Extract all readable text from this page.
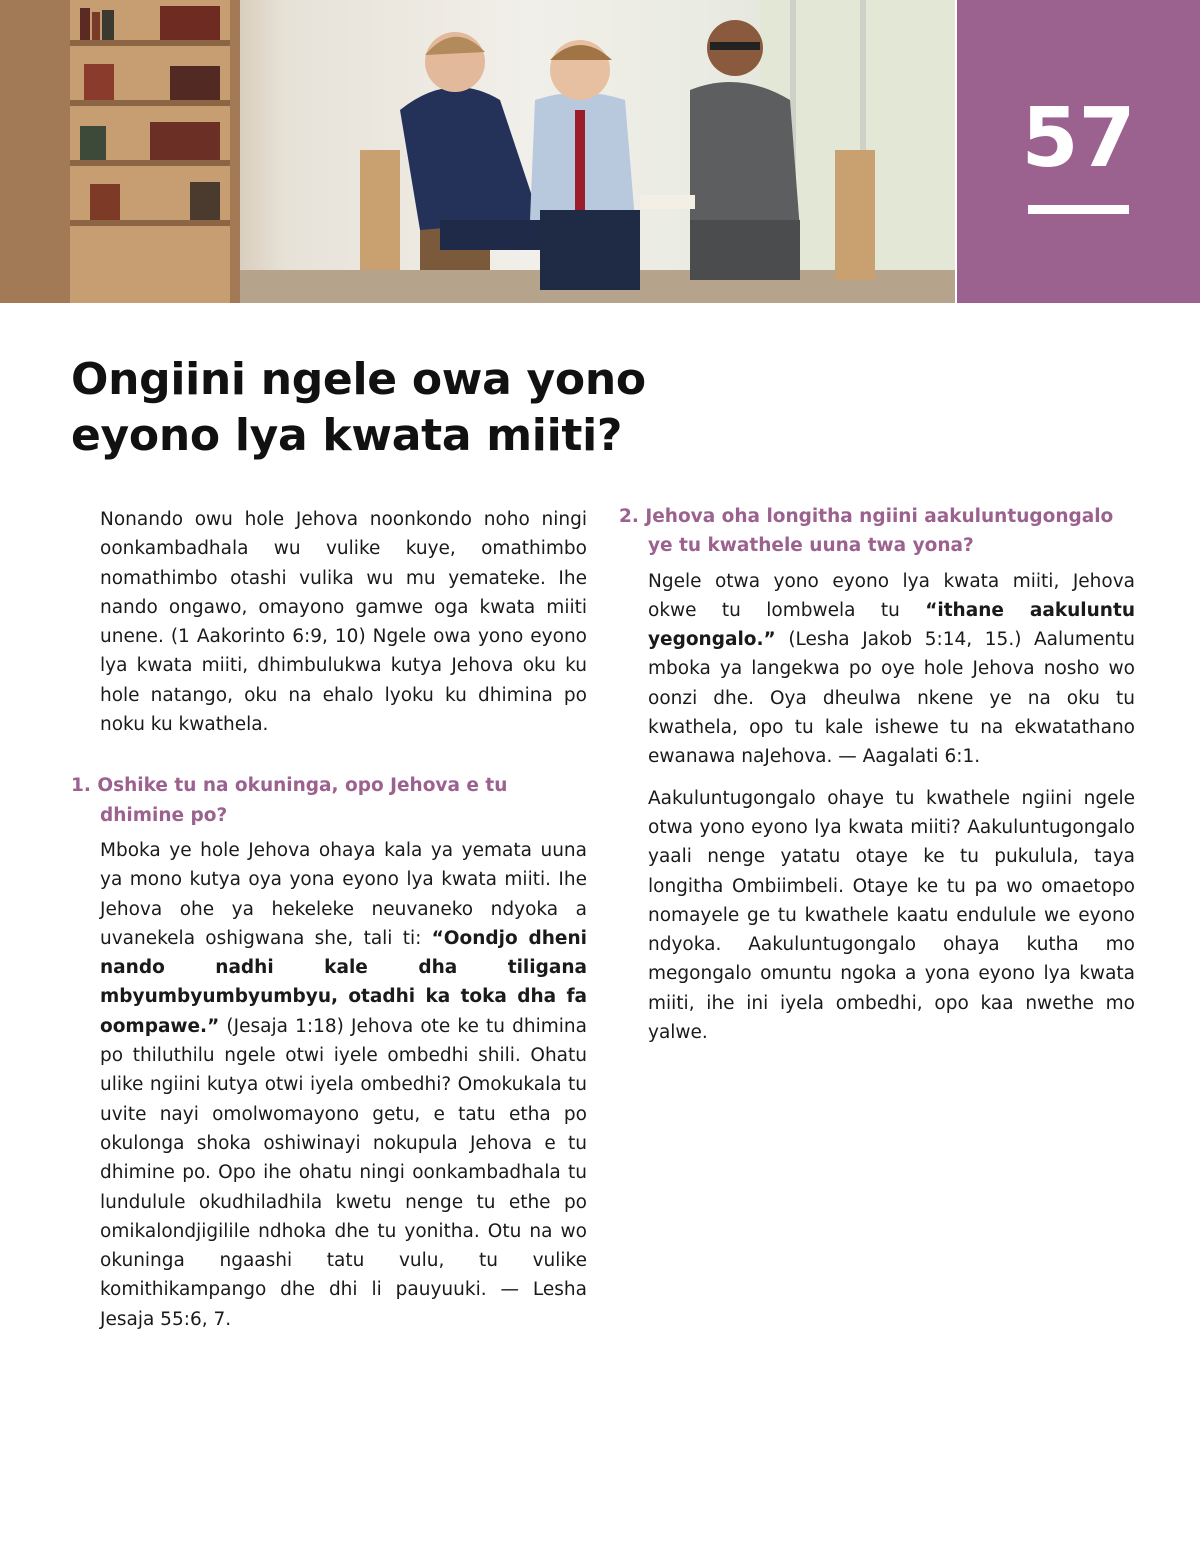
57
Ongiini ngele owa yono
eyono lya kwata miiti?

Nonando owu hole Jehova noonkondo noho ningi oonkambadhala wu vulike kuye, omathimbo nomathimbo otashi vulika wu mu yemateke. Ihe nando ongawo, omayono gamwe oga kwata miiti unene. (1 Aakorinto 6:9, 10) Ngele owa yono eyono lya kwata miiti, dhimbulukwa kutya Jehova oku ku hole natango, oku na ehalo lyoku ku dhimina po noku ku kwathela.

1. Oshike tu na okuninga, opo Jehova e tu dhimine po?

Mboka ye hole Jehova ohaya kala ya yemata uuna ya mono kutya oya yona eyono lya kwata miiti. Ihe Jehova ohe ya hekeleke neuvaneko ndyoka a uvanekela oshigwana she, tali ti: “Oondjo dheni nando nadhi kale dha tiligana mbyumbyumbyumbyu, otadhi ka toka dha fa oompawe.” (Jesaja 1:18) Jehova ote ke tu dhimina po thiluthilu ngele otwi iyele ombedhi shili. Ohatu ulike ngiini kutya otwi iyela ombedhi? Omokukala tu uvite nayi omolwomayono getu, e tatu etha po okulonga shoka oshiwinayi nokupula Jehova e tu dhimine po. Opo ihe ohatu ningi oonkambadhala tu lundulule okudhiladhila kwetu nenge tu ethe po omikalondjigilile ndhoka dhe tu yonitha. Otu na wo okuninga ngaashi tatu vulu, tu vulike komithikampango dhe dhi li pauyuuki. — Lesha Jesaja 55:6, 7.

2. Jehova oha longitha ngiini aakuluntugongalo ye tu kwathele uuna twa yona?

Ngele otwa yono eyono lya kwata miiti, Jehova okwe tu lombwela tu “ithane aakuluntu yegongalo.” (Lesha Jakob 5:14, 15.) Aalumentu mboka ya langekwa po oye hole Jehova nosho wo oonzi dhe. Oya dheulwa nkene ye na oku tu kwathela, opo tu kale ishewe tu na ekwatathano ewanawa naJehova. — Aagalati 6:1.

Aakuluntugongalo ohaye tu kwathele ngiini ngele otwa yono eyono lya kwata miiti? Aakuluntugongalo yaali nenge yatatu otaye ke tu pukulula, taya longitha Ombiimbeli. Otaye ke tu pa wo omaetopo nomayele ge tu kwathele kaatu endulule we eyono ndyoka. Aakuluntugongalo ohaya kutha mo megongalo omuntu ngoka a yona eyono lya kwata miiti, ihe ini iyela ombedhi, opo kaa nwethe mo yalwe.
